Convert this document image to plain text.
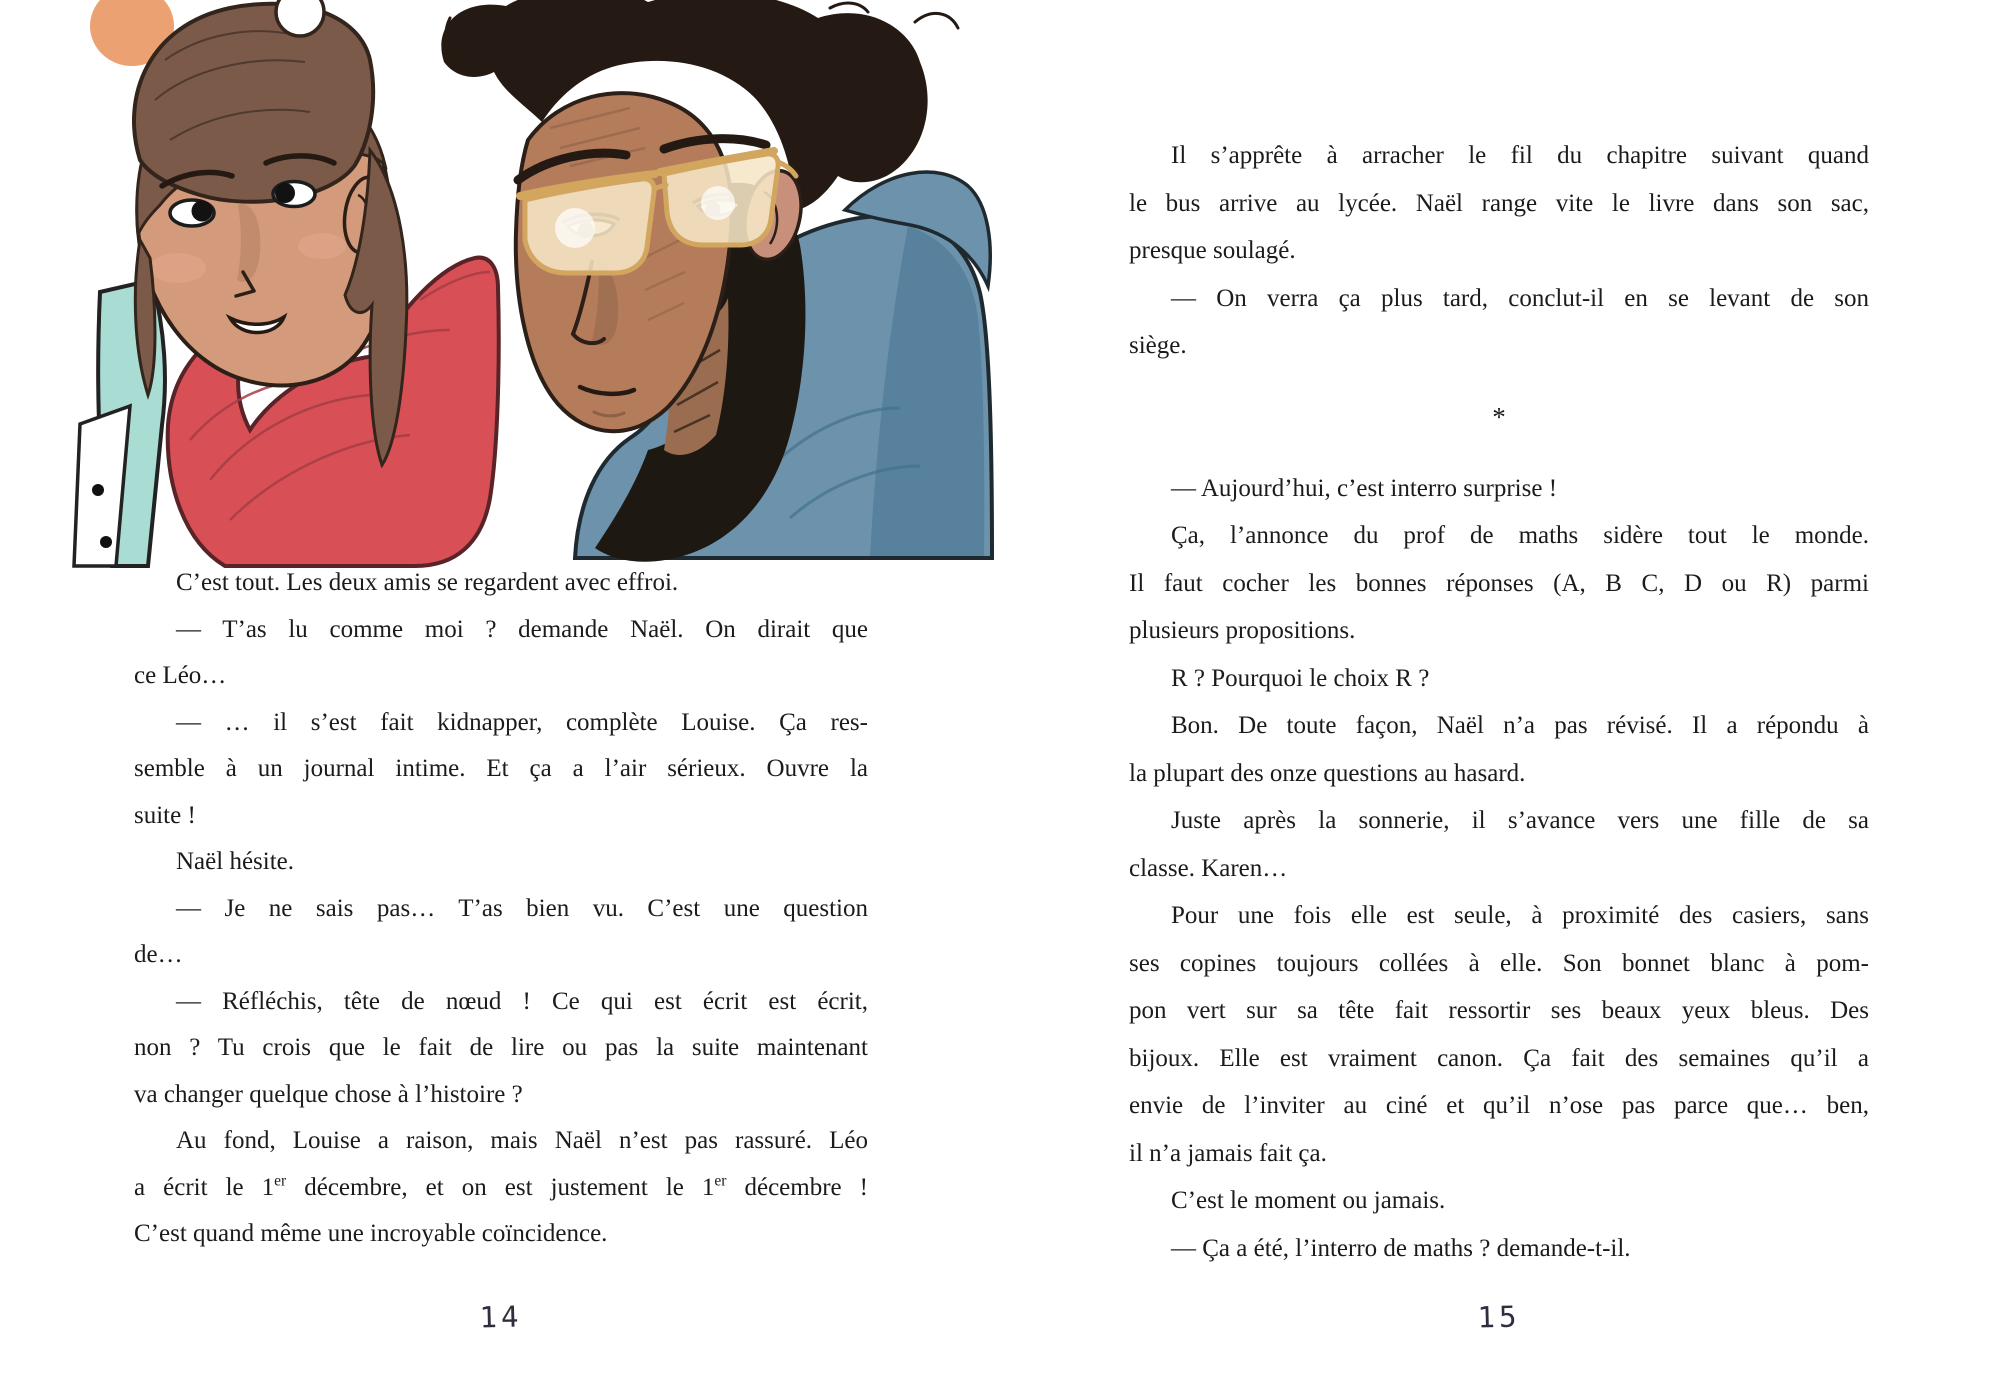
C’est tout. Les deux amis se regardent avec effroi.
— T’as lu comme moi ? demande Naël. On dirait que
ce Léo…
— … il s’est fait kidnapper, complète Louise. Ça res-
semble à un journal intime. Et ça a l’air sérieux. Ouvre la
suite !
Naël hésite.
— Je ne sais pas… T’as bien vu. C’est une question
de…
— Réfléchis, tête de nœud ! Ce qui est écrit est écrit,
non ? Tu crois que le fait de lire ou pas la suite maintenant
va changer quelque chose à l’histoire ?
Au fond, Louise a raison, mais Naël n’est pas rassuré. Léo
a écrit le 1er décembre, et on est justement le 1er décembre !
C’est quand même une incroyable coïncidence.
Il s’apprête à arracher le fil du chapitre suivant quand
le bus arrive au lycée. Naël range vite le livre dans son sac,
presque soulagé.
— On verra ça plus tard, conclut-il en se levant de son
siège.
*
— Aujourd’hui, c’est interro surprise !
Ça, l’annonce du prof de maths sidère tout le monde.
Il faut cocher les bonnes réponses (A, B C, D ou R) parmi
plusieurs propositions.
R ? Pourquoi le choix R ?
Bon. De toute façon, Naël n’a pas révisé. Il a répondu à
la plupart des onze questions au hasard.
Juste après la sonnerie, il s’avance vers une fille de sa
classe. Karen…
Pour une fois elle est seule, à proximité des casiers, sans
ses copines toujours collées à elle. Son bonnet blanc à pom-
pon vert sur sa tête fait ressortir ses beaux yeux bleus. Des
bijoux. Elle est vraiment canon. Ça fait des semaines qu’il a
envie de l’inviter au ciné et qu’il n’ose pas parce que… ben,
il n’a jamais fait ça.
C’est le moment ou jamais.
— Ça a été, l’interro de maths ? demande-t-il.
14	15
